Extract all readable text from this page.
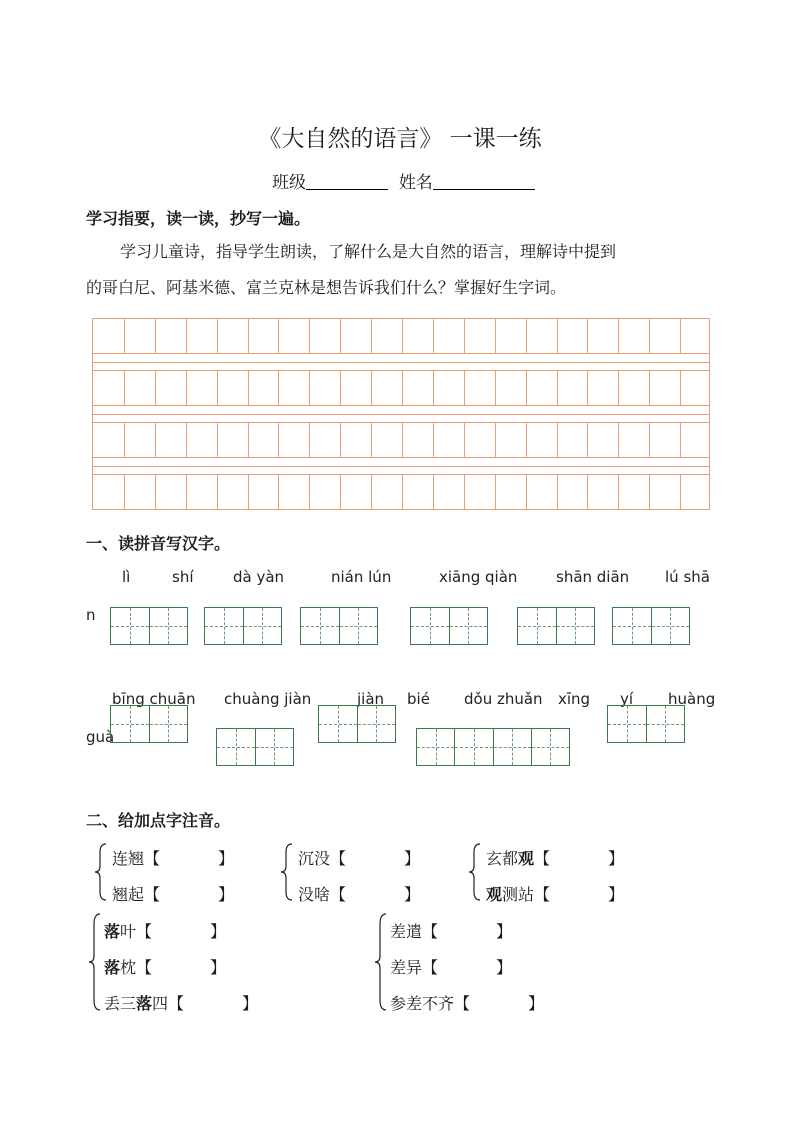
《大自然的语言》 一课一练
班级	姓名
学习指要，读一读，抄写一遍。
学习儿童诗，指导学生朗读，了解什么是大自然的语言，理解诗中提到
的哥白尼、阿基米德、富兰克林是想告诉我们什么？掌握好生字词。
一、读拼音写汉字。
lì	shí	dà yàn	nián lún	xiāng qiàn	shān diān lú shā
n
bīng chuān chuàng jiàn	jiàn bié dǒu zhuǎn xīng yí huàng
guà
二、给加点字注音。
连翘【	】
翘起【	】
沉没【	】
没啥【	】
玄都观【	】
观测站【	】
落叶【	】
落枕【	】
丢三落四【	】
差遣【	】
差异【	】
参差不齐【	】
